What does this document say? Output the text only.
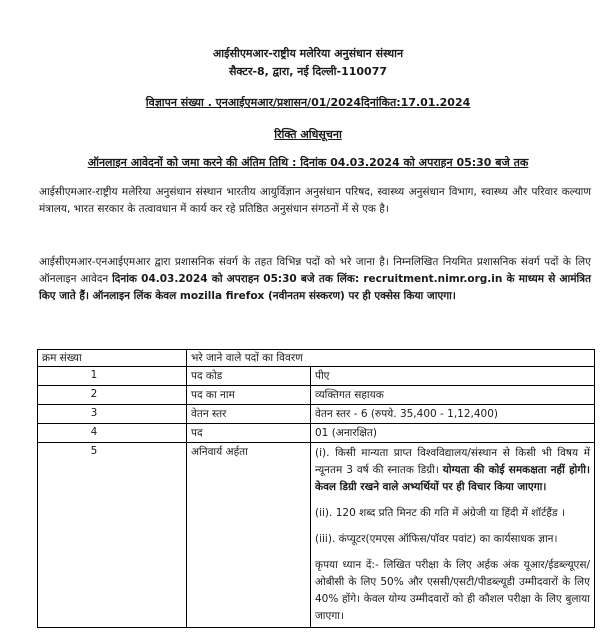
आईसीएमआर-राष्ट्रीय मलेरिया अनुसंधान संस्थान
सैक्टर-8, द्वारा, नई दिल्ली-110077
विज्ञापन संख्या . एनआईएमआर/प्रशासन/01/2024दिनांकित:17.01.2024
रिक्ति अधिसूचना
ऑनलाइन आवेदनों को जमा करने की अंतिम तिथि : दिनांक 04.03.2024 को अपराहन 05:30 बजे तक
आईसीएमआर-राष्ट्रीय मलेरिया अनुसंधान संस्थान भारतीय आयुर्विज्ञान अनुसंधान परिषद, स्वास्थ्य अनुसंधान विभाग, स्वास्थ्य और परिवार कल्याण मंत्रालय, भारत सरकार के तत्वावधान में कार्य कर रहे प्रतिष्ठित अनुसंधान संगठनों में से एक है।
आईसीएमआर-एनआईएमआर द्वारा प्रशासनिक संवर्ग के तहत विभिन्न पदों को भरे जाना है। निम्नलिखित नियमित प्रशासनिक संवर्ग पदों के लिए ऑनलाइन आवेदन दिनांक 04.03.2024 को अपराहन 05:30 बजे तक लिंक: recruitment.nimr.org.in के माध्यम से आमंत्रित किए जाते हैं। ऑनलाइन लिंक केवल mozilla firefox (नवीनतम संस्करण) पर ही एक्सेस किया जाएगा।
क्रम संख्या	भरे जाने वाले पदों का विवरण	
1	पद कोड	पीए
2	पद का नाम	व्यक्तिगत सहायक
3	वेतन स्तर	वेतन स्तर - 6 (रुपये. 35,400 - 1,12,400)
4	पद	01 (अनारक्षित)
5	अनिवार्य अर्हता	(i). किसी मान्यता प्राप्त विश्वविद्यालय/संस्थान से किसी भी विषय में न्यूनतम 3 वर्ष की स्नातक डिग्री। योग्यता की कोई समकक्षता नहीं होगी। केवल डिग्री रखने वाले अभ्यर्थियों पर ही विचार किया जाएगा।

(ii). 120 शब्द प्रति मिनट की गति में अंग्रेजी या हिंदी में शॉर्टहैंड ।

(iii). कंप्यूटर(एमएस ऑफिस/पॉवर पवांट) का कार्यसाधक ज्ञान।

कृपया ध्यान दें:- लिखित परीक्षा के लिए अर्हक अंक यूआर/ईडब्ल्यूएस/ओबीसी के लिए 50% और एससी/एसटी/पीडब्ल्यूडी उम्मीदवारों के लिए 40% होंगे। केवल योग्य उम्मीदवारों को ही कौशल परीक्षा के लिए बुलाया जाएगा।
